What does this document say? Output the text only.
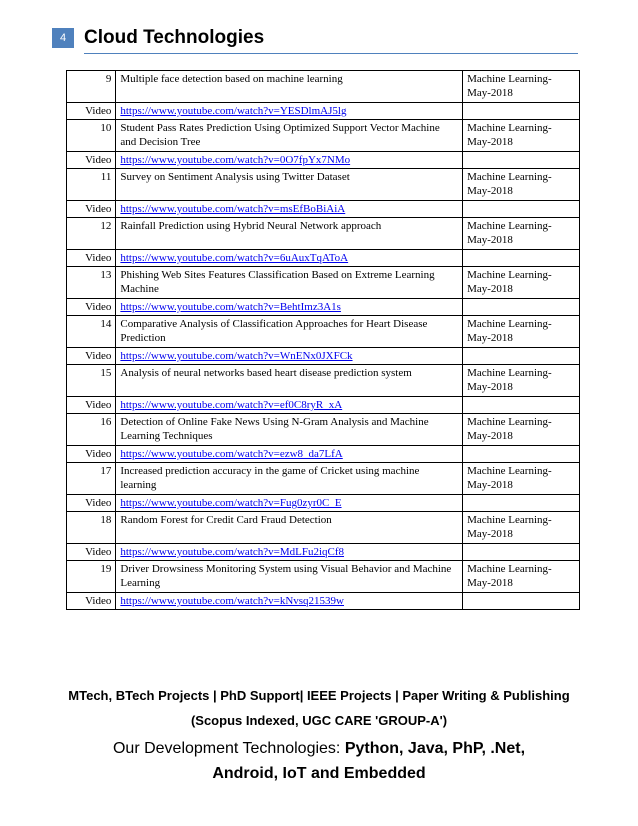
4 Cloud Technologies
9	Multiple face detection based on machine learning	Machine Learning-May-2018
Video	https://www.youtube.com/watch?v=YESDlmAJ5lg	
10	Student Pass Rates Prediction Using Optimized Support Vector Machine and Decision Tree	Machine Learning-May-2018
Video	https://www.youtube.com/watch?v=0O7fpYx7NMo	
11	Survey on Sentiment Analysis using Twitter Dataset	Machine Learning-May-2018
Video	https://www.youtube.com/watch?v=msEfBoBiAiA	
12	Rainfall Prediction using Hybrid Neural Network approach	Machine Learning-May-2018
Video	https://www.youtube.com/watch?v=6uAuxTqAToA	
13	Phishing Web Sites Features Classification Based on Extreme Learning Machine	Machine Learning-May-2018
Video	https://www.youtube.com/watch?v=BehtImz3A1s	
14	Comparative Analysis of Classification Approaches for Heart Disease Prediction	Machine Learning-May-2018
Video	https://www.youtube.com/watch?v=WnENx0JXFCk	
15	Analysis of neural networks based heart disease prediction system	Machine Learning-May-2018
Video	https://www.youtube.com/watch?v=ef0C8ryR_xA	
16	Detection of Online Fake News Using N-Gram Analysis and Machine Learning Techniques	Machine Learning-May-2018
Video	https://www.youtube.com/watch?v=ezw8_da7LfA	
17	Increased prediction accuracy in the game of Cricket using machine learning	Machine Learning-May-2018
Video	https://www.youtube.com/watch?v=Fug0zyr0C_E	
18	Random Forest for Credit Card Fraud Detection	Machine Learning-May-2018
Video	https://www.youtube.com/watch?v=MdLFu2iqCf8	
19	Driver Drowsiness Monitoring System using Visual Behavior and Machine Learning	Machine Learning-May-2018
Video	https://www.youtube.com/watch?v=kNvsq21539w	
MTech, BTech Projects | PhD Support| IEEE Projects | Paper Writing & Publishing
(Scopus Indexed, UGC CARE 'GROUP-A')
Our Development Technologies: Python, Java, PhP, .Net,
Android, IoT and Embedded
